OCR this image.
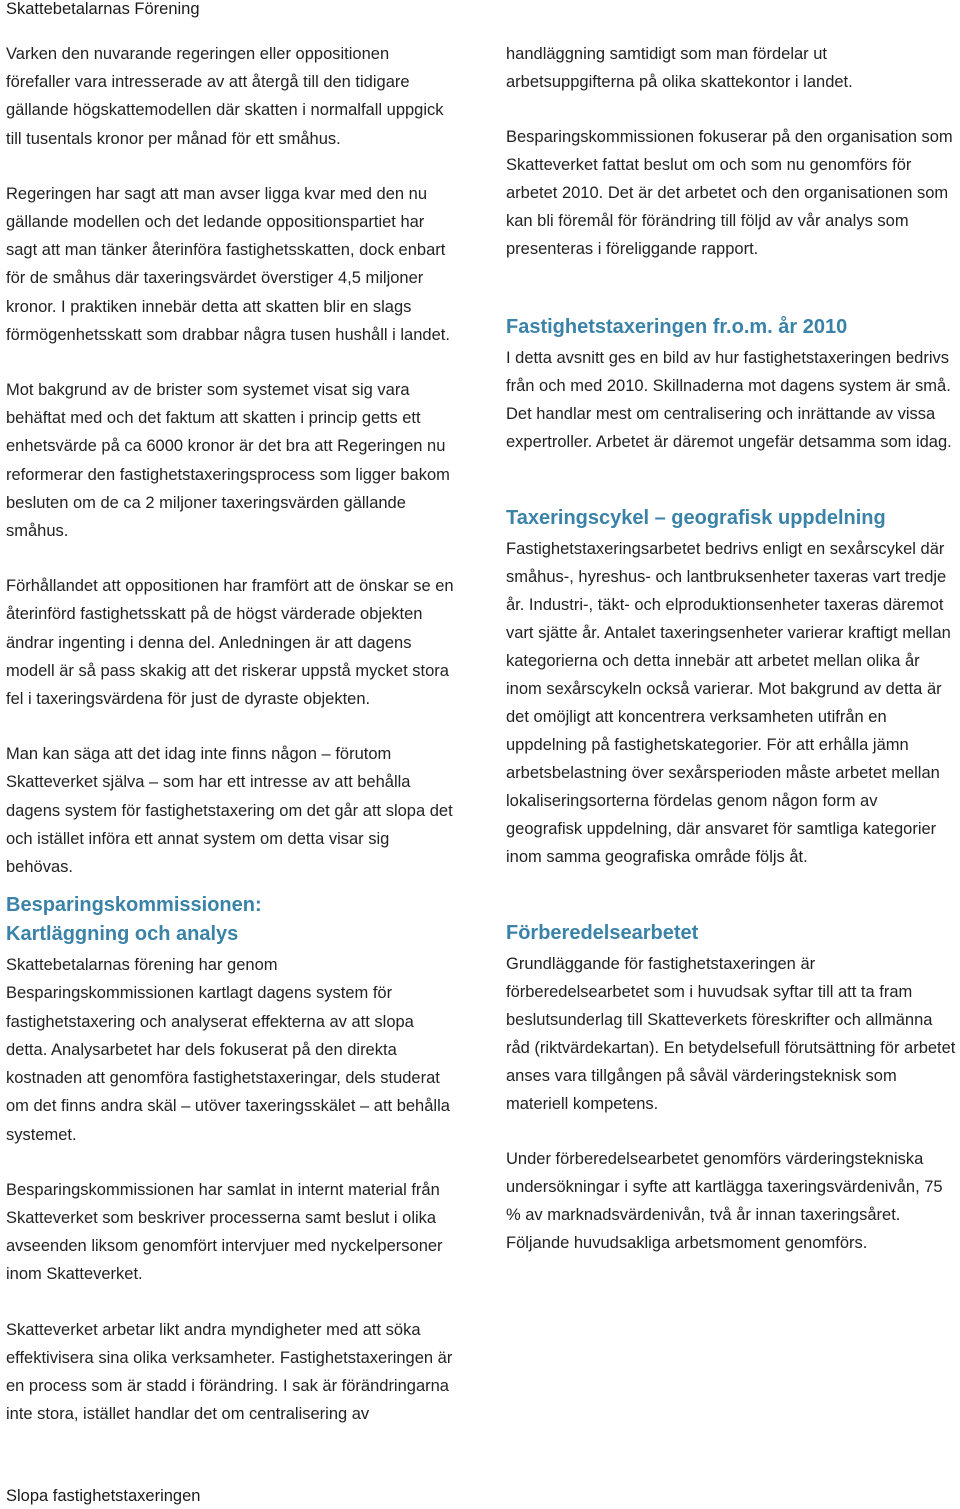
Skattebetalarnas Förening

Varken den nuvarande regeringen eller oppositionen förefaller vara intresserade av att återgå till den tidigare gällande högskattemodellen där skatten i normalfall uppgick till tusentals kronor per månad för ett småhus.

Regeringen har sagt att man avser ligga kvar med den nu gällande modellen och det ledande oppositionspartiet har sagt att man tänker återinföra fastighetsskatten, dock enbart för de småhus där taxeringsvärdet överstiger 4,5 miljoner kronor. I praktiken innebär detta att skatten blir en slags förmögenhetsskatt som drabbar några tusen hushåll i landet.

Mot bakgrund av de brister som systemet visat sig vara behäftat med och det faktum att skatten i princip getts ett enhetsvärde på ca 6000 kronor är det bra att Regeringen nu reformerar den fastighetstaxeringsprocess som ligger bakom besluten om de ca 2 miljoner taxeringsvärden gällande småhus.

Förhållandet att oppositionen har framfört att de önskar se en återinförd fastighetsskatt på de högst värderade objekten ändrar ingenting i denna del. Anledningen är att dagens modell är så pass skakig att det riskerar uppstå mycket stora fel i taxeringsvärdena för just de dyraste objekten.

Man kan säga att det idag inte finns någon – förutom Skatteverket själva – som har ett intresse av att behålla dagens system för fastighetstaxering om det går att slopa det och istället införa ett annat system om detta visar sig behövas.

Besparingskommissionen:
Kartläggning och analys

Skattebetalarnas förening har genom Besparingskommissionen kartlagt dagens system för fastighetstaxering och analyserat effekterna av att slopa detta. Analysarbetet har dels fokuserat på den direkta kostnaden att genomföra fastighetstaxeringar, dels studerat om det finns andra skäl – utöver taxeringsskälet – att behålla systemet.

Besparingskommissionen har samlat in internt material från Skatteverket som beskriver processerna samt beslut i olika avseenden liksom genomfört intervjuer med nyckelpersoner inom Skatteverket.

Skatteverket arbetar likt andra myndigheter med att söka effektivisera sina olika verksamheter. Fastighetstaxeringen är en process som är stadd i förändring. I sak är förändringarna inte stora, istället handlar det om centralisering av

handläggning samtidigt som man fördelar ut arbetsuppgifterna på olika skattekontor i landet.

Besparingskommissionen fokuserar på den organisation som Skatteverket fattat beslut om och som nu genomförs för arbetet 2010. Det är det arbetet och den organisationen som kan bli föremål för förändring till följd av vår analys som presenteras i föreliggande rapport.

Fastighetstaxeringen fr.o.m. år 2010

I detta avsnitt ges en bild av hur fastighetstaxeringen bedrivs från och med 2010. Skillnaderna mot dagens system är små. Det handlar mest om centralisering och inrättande av vissa expertroller. Arbetet är däremot ungefär detsamma som idag.

Taxeringscykel – geografisk uppdelning

Fastighetstaxeringsarbetet bedrivs enligt en sexårscykel där småhus-, hyreshus- och lantbruksenheter taxeras vart tredje år. Industri-, täkt- och elproduktionsenheter taxeras däremot vart sjätte år. Antalet taxeringsenheter varierar kraftigt mellan kategorierna och detta innebär att arbetet mellan olika år inom sexårscykeln också varierar. Mot bakgrund av detta är det omöjligt att koncentrera verksamheten utifrån en uppdelning på fastighetskategorier. För att erhålla jämn arbetsbelastning över sexårsperioden måste arbetet mellan lokaliseringsorterna fördelas genom någon form av geografisk uppdelning, där ansvaret för samtliga kategorier inom samma geografiska område följs åt.

Förberedelsearbetet

Grundläggande för fastighetstaxeringen är förberedelsearbetet som i huvudsak syftar till att ta fram beslutsunderlag till Skatteverkets föreskrifter och allmänna råd (riktvärdekartan). En betydelsefull förutsättning för arbetet anses vara tillgången på såväl värderingsteknisk som materiell kompetens.

Under förberedelsearbetet genomförs värderingstekniska undersökningar i syfte att kartlägga taxeringsvärdenivån, 75 % av marknadsvärdenivån, två år innan taxeringsåret. Följande huvudsakliga arbetsmoment genomförs.

Slopa fastighetstaxeringen
